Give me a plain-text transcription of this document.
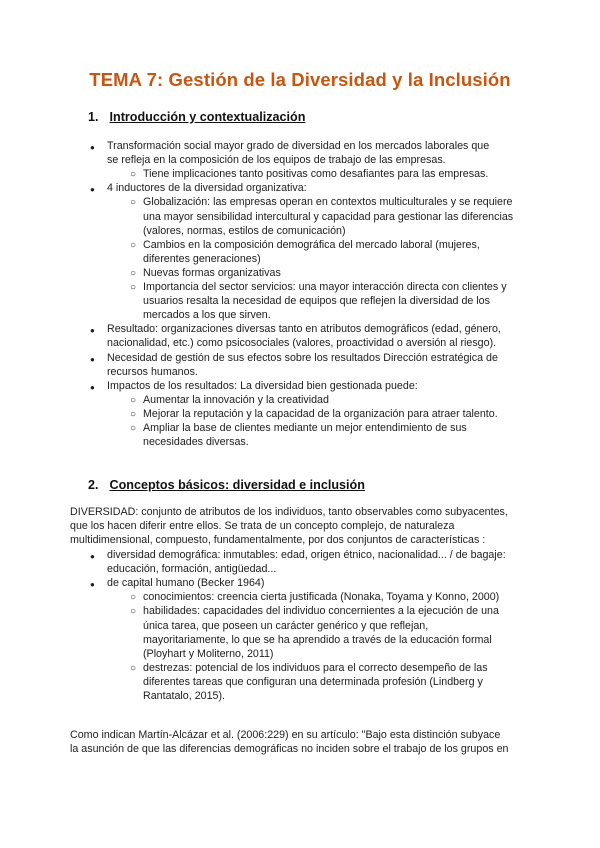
TEMA 7: Gestión de la Diversidad y la Inclusión
1. Introducción y contextualización
● Transformación social mayor grado de diversidad en los mercados laborales que
se refleja en la composición de los equipos de trabajo de las empresas.
○ Tiene implicaciones tanto positivas como desafiantes para las empresas.
● 4 inductores de la diversidad organizativa:
○ Globalización: las empresas operan en contextos multiculturales y se requiere
una mayor sensibilidad intercultural y capacidad para gestionar las diferencias
(valores, normas, estilos de comunicación)
○ Cambios en la composición demográfica del mercado laboral (mujeres,
diferentes generaciones)
○ Nuevas formas organizativas
○ Importancia del sector servicios: una mayor interacción directa con clientes y
usuarios resalta la necesidad de equipos que reflejen la diversidad de los
mercados a los que sirven.
● Resultado: organizaciones diversas tanto en atributos demográficos (edad, género,
nacionalidad, etc.) como psicosociales (valores, proactividad o aversión al riesgo).
● Necesidad de gestión de sus efectos sobre los resultados Dirección estratégica de
recursos humanos.
● Impactos de los resultados: La diversidad bien gestionada puede:
○ Aumentar la innovación y la creatividad
○ Mejorar la reputación y la capacidad de la organización para atraer talento.
○ Ampliar la base de clientes mediante un mejor entendimiento de sus
necesidades diversas.
2. Conceptos básicos: diversidad e inclusión
DIVERSIDAD: conjunto de atributos de los individuos, tanto observables como subyacentes,
que los hacen diferir entre ellos. Se trata de un concepto complejo, de naturaleza
multidimensional, compuesto, fundamentalmente, por dos conjuntos de características :
● diversidad demográfica: inmutables: edad, origen étnico, nacionalidad... / de bagaje:
educación, formación, antigüedad...
● de capital humano (Becker 1964)
○ conocimientos: creencia cierta justificada (Nonaka, Toyama y Konno, 2000)
○ habilidades: capacidades del individuo concernientes a la ejecución de una
única tarea, que poseen un carácter genérico y que reflejan,
mayoritariamente, lo que se ha aprendido a través de la educación formal
(Ployhart y Moliterno, 2011)
○ destrezas: potencial de los individuos para el correcto desempeño de las
diferentes tareas que configuran una determinada profesión (Lindberg y
Rantatalo, 2015).
Como indican Martín-Alcázar et al. (2006:229) en su artículo: "Bajo esta distinción subyace
la asunción de que las diferencias demográficas no inciden sobre el trabajo de los grupos en
